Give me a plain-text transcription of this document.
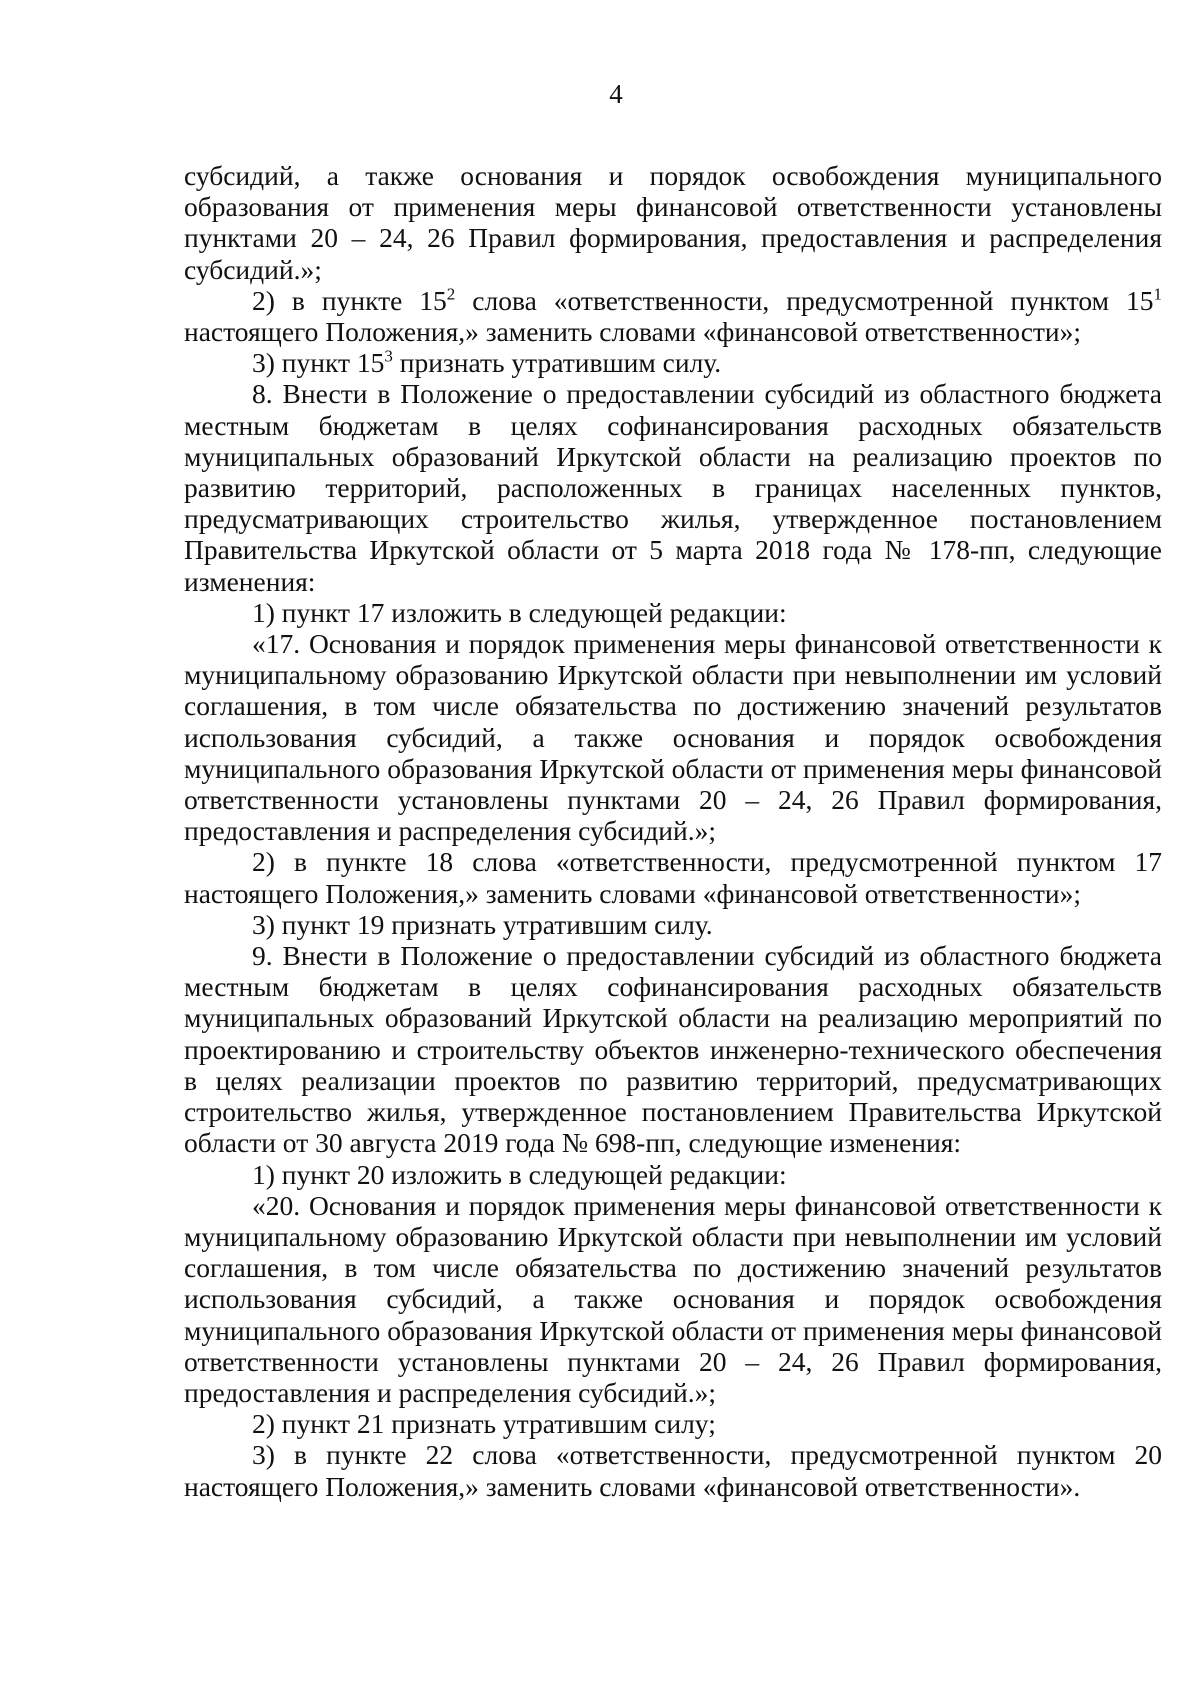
4

субсидий, а также основания и порядок освобождения муниципального образования от применения меры финансовой ответственности установлены пунктами 20 – 24, 26 Правил формирования, предоставления и распределения субсидий.»;

2) в пункте $15^2$ слова «ответственности, предусмотренной пунктом $15^1$ настоящего Положения,» заменить словами «финансовой ответственности»;

3) пункт $15^3$ признать утратившим силу.

8. Внести в Положение о предоставлении субсидий из областного бюджета местным бюджетам в целях софинансирования расходных обязательств муниципальных образований Иркутской области на реализацию проектов по развитию территорий, расположенных в границах населенных пунктов, предусматривающих строительство жилья, утвержденное постановлением Правительства Иркутской области от 5 марта 2018 года № 178-пп, следующие изменения:

1) пункт 17 изложить в следующей редакции:

«17. Основания и порядок применения меры финансовой ответственности к муниципальному образованию Иркутской области при невыполнении им условий соглашения, в том числе обязательства по достижению значений результатов использования субсидий, а также основания и порядок освобождения муниципального образования Иркутской области от применения меры финансовой ответственности установлены пунктами 20 – 24, 26 Правил формирования, предоставления и распределения субсидий.»;

2) в пункте 18 слова «ответственности, предусмотренной пунктом 17 настоящего Положения,» заменить словами «финансовой ответственности»;

3) пункт 19 признать утратившим силу.

9. Внести в Положение о предоставлении субсидий из областного бюджета местным бюджетам в целях софинансирования расходных обязательств муниципальных образований Иркутской области на реализацию мероприятий по проектированию и строительству объектов инженерно-технического обеспечения в целях реализации проектов по развитию территорий, предусматривающих строительство жилья, утвержденное постановлением Правительства Иркутской области от 30 августа 2019 года № 698-пп, следующие изменения:

1) пункт 20 изложить в следующей редакции:

«20. Основания и порядок применения меры финансовой ответственности к муниципальному образованию Иркутской области при невыполнении им условий соглашения, в том числе обязательства по достижению значений результатов использования субсидий, а также основания и порядок освобождения муниципального образования Иркутской области от применения меры финансовой ответственности установлены пунктами 20 – 24, 26 Правил формирования, предоставления и распределения субсидий.»;

2) пункт 21 признать утратившим силу;

3) в пункте 22 слова «ответственности, предусмотренной пунктом 20 настоящего Положения,» заменить словами «финансовой ответственности».
